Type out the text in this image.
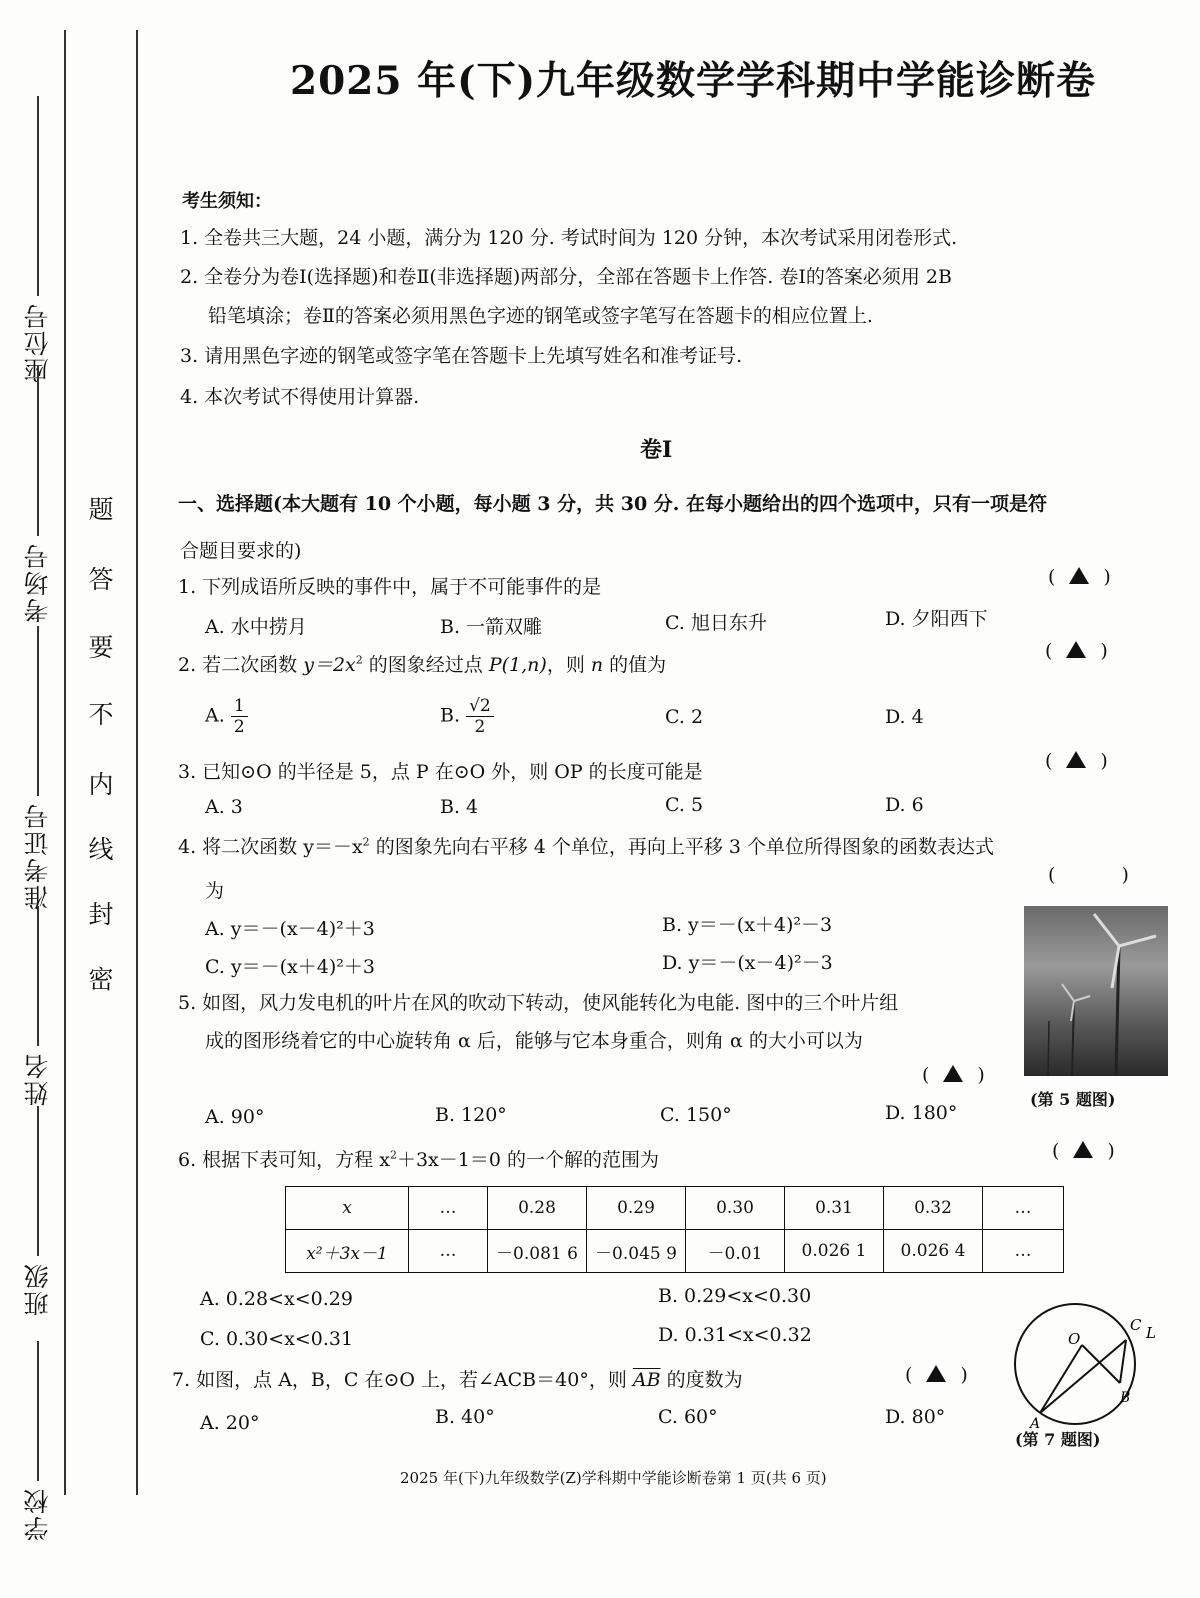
座位号
考场号
准考证号
姓名
班级
学校
密
封
线
内
不
要
答
题
2025 年(下)九年级数学学科期中学能诊断卷
考生须知：
1. 全卷共三大题，24 小题，满分为 120 分. 考试时间为 120 分钟，本次考试采用闭卷形式.
2. 全卷分为卷Ⅰ(选择题)和卷Ⅱ(非选择题)两部分，全部在答题卡上作答. 卷Ⅰ的答案必须用 2B
铅笔填涂；卷Ⅱ的答案必须用黑色字迹的钢笔或签字笔写在答题卡的相应位置上.
3. 请用黑色字迹的钢笔或签字笔在答题卡上先填写姓名和准考证号.
4. 本次考试不得使用计算器.
卷Ⅰ
一、选择题(本大题有 10 个小题，每小题 3 分，共 30 分. 在每小题给出的四个选项中，只有一项是符
合题目要求的)
1. 下列成语所反映的事件中，属于不可能事件的是	(	)
A. 水中捞月	B. 一箭双雕	C. 旭日东升	D. 夕阳西下
2. 若二次函数 $y=2x^2$ 的图象经过点 P(1,n)，则 n 的值为
(	)
A. $\frac{1}{2}$	B. $\frac{√2}{2}$	C. 2	D. 4
3. 已知⊙O 的半径是 5，点 P 在⊙O 外，则 OP 的长度可能是	(	)
A. 3	B. 4	C. 5	D. 6
4. 将二次函数 $y=-x^2$ 的图象先向右平移 4 个单位，再向上平移 3 个单位所得图象的函数表达式
为
(	)
A. y＝－(x－4)²＋3	B. y＝－(x＋4)²－3
C. y＝－(x＋4)²＋3	D. y＝－(x－4)²－3
(第 5 题图)
5. 如图，风力发电机的叶片在风的吹动下转动，使风能转化为电能. 图中的三个叶片组
成的图形绕着它的中心旋转角 α 后，能够与它本身重合，则角 α 的大小可以为
(	)
A. 90°	B. 120°	C. 150°	D. 180°
6. 根据下表可知，方程 $x^2+3x-1=0$ 的一个解的范围为	(	)
x	…	0.28	0.29	0.30	0.31	0.32	…
x²＋3x－1	…	－0.081 6	－0.045 9	－0.01	0.026 1	0.026 4	…
A. 0.28<x<0.29	B. 0.29<x<0.30
C. 0.30<x<0.31	D. 0.31<x<0.32	O
C L
B
A
(第 7 题图)
7. 如图，点 A，B，C 在⊙O 上，若∠ACB＝40°，则 $\overline{AB}$ 的度数为	(	)
A. 20°	B. 40°	C. 60°	D. 80°
2025 年(下)九年级数学(Z)学科期中学能诊断卷第 1 页(共 6 页)
